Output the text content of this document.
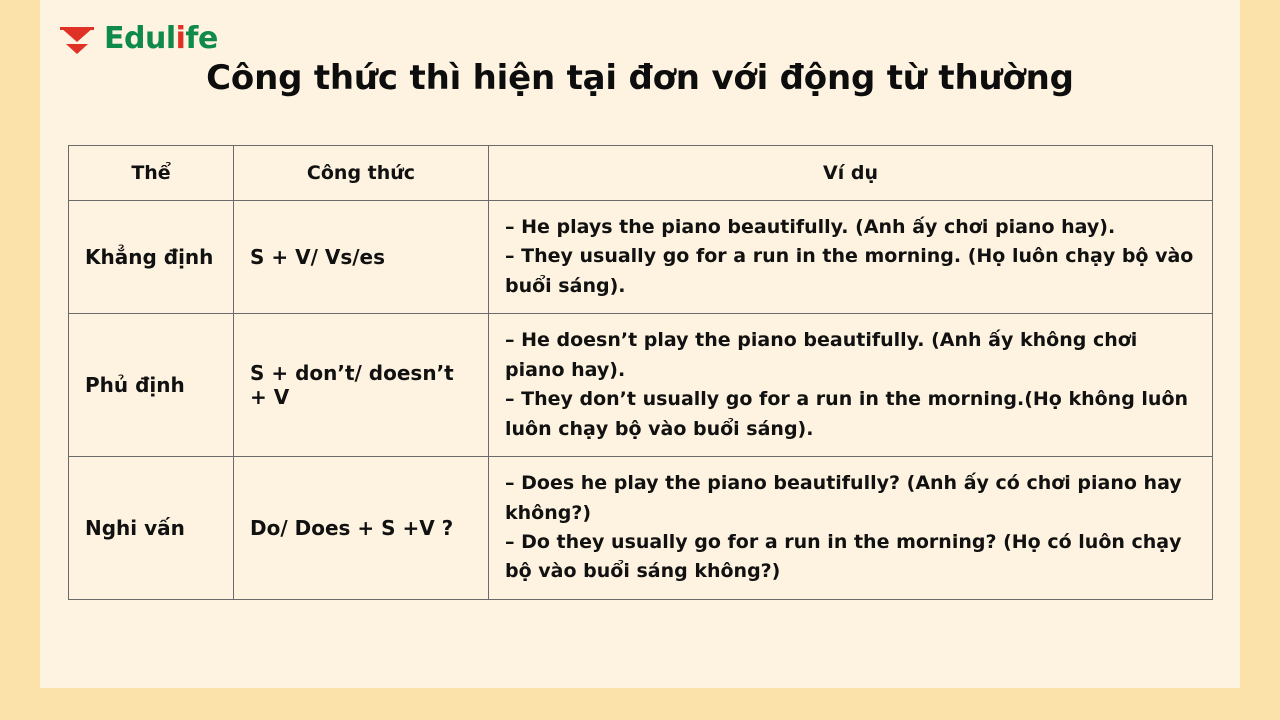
Edulife
Công thức thì hiện tại đơn với động từ thường
Thể	Công thức	Ví dụ
Khẳng định	S + V/ Vs/es	– He plays the piano beautifully. (Anh ấy chơi piano hay).
– They usually go for a run in the morning. (Họ luôn chạy bộ vào buổi sáng).

Phủ định	S + don’t/ doesn’t + V	– He doesn’t play the piano beautifully. (Anh ấy không chơi piano hay).
– They don’t usually go for a run in the morning.(Họ không luôn luôn chạy bộ vào buổi sáng).

Nghi vấn	Do/ Does + S +V ?	– Does he play the piano beautifully? (Anh ấy có chơi piano hay không?)
– Do they usually go for a run in the morning? (Họ có luôn chạy bộ vào buổi sáng không?)
